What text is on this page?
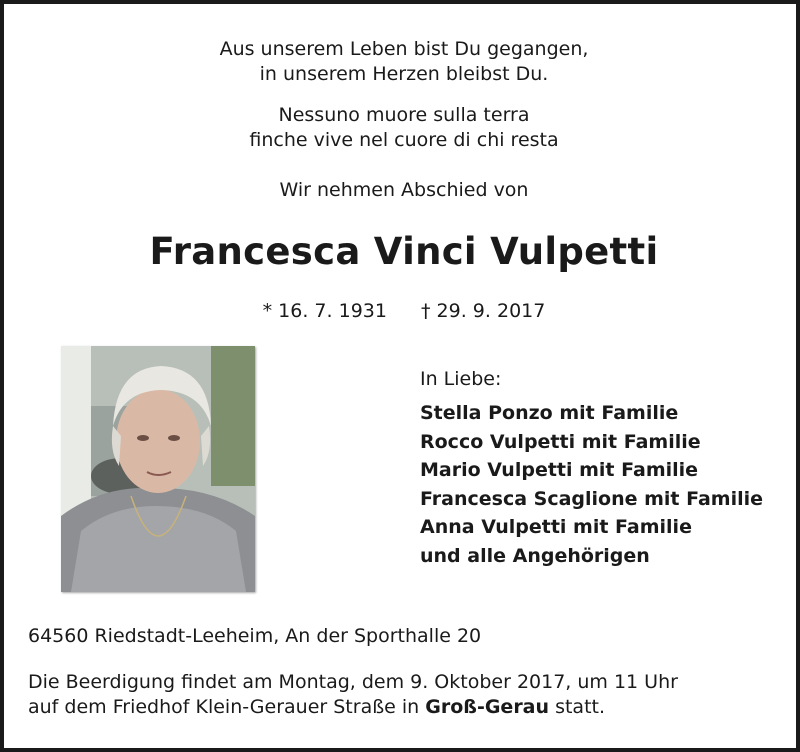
Aus unserem Leben bist Du gegangen,
in unserem Herzen bleibst Du.
Nessuno muore sulla terra
finche vive nel cuore di chi resta
Wir nehmen Abschied von
Francesca Vinci Vulpetti
* 16. 7. 1931 † 29. 9. 2017
In Liebe:
Stella Ponzo mit Familie
Rocco Vulpetti mit Familie
Mario Vulpetti mit Familie
Francesca Scaglione mit Familie
Anna Vulpetti mit Familie
und alle Angehörigen
64560 Riedstadt-Leeheim, An der Sporthalle 20
Die Beerdigung findet am Montag, dem 9. Oktober 2017, um 11 Uhr
auf dem Friedhof Klein-Gerauer Straße in Groß-Gerau statt.
